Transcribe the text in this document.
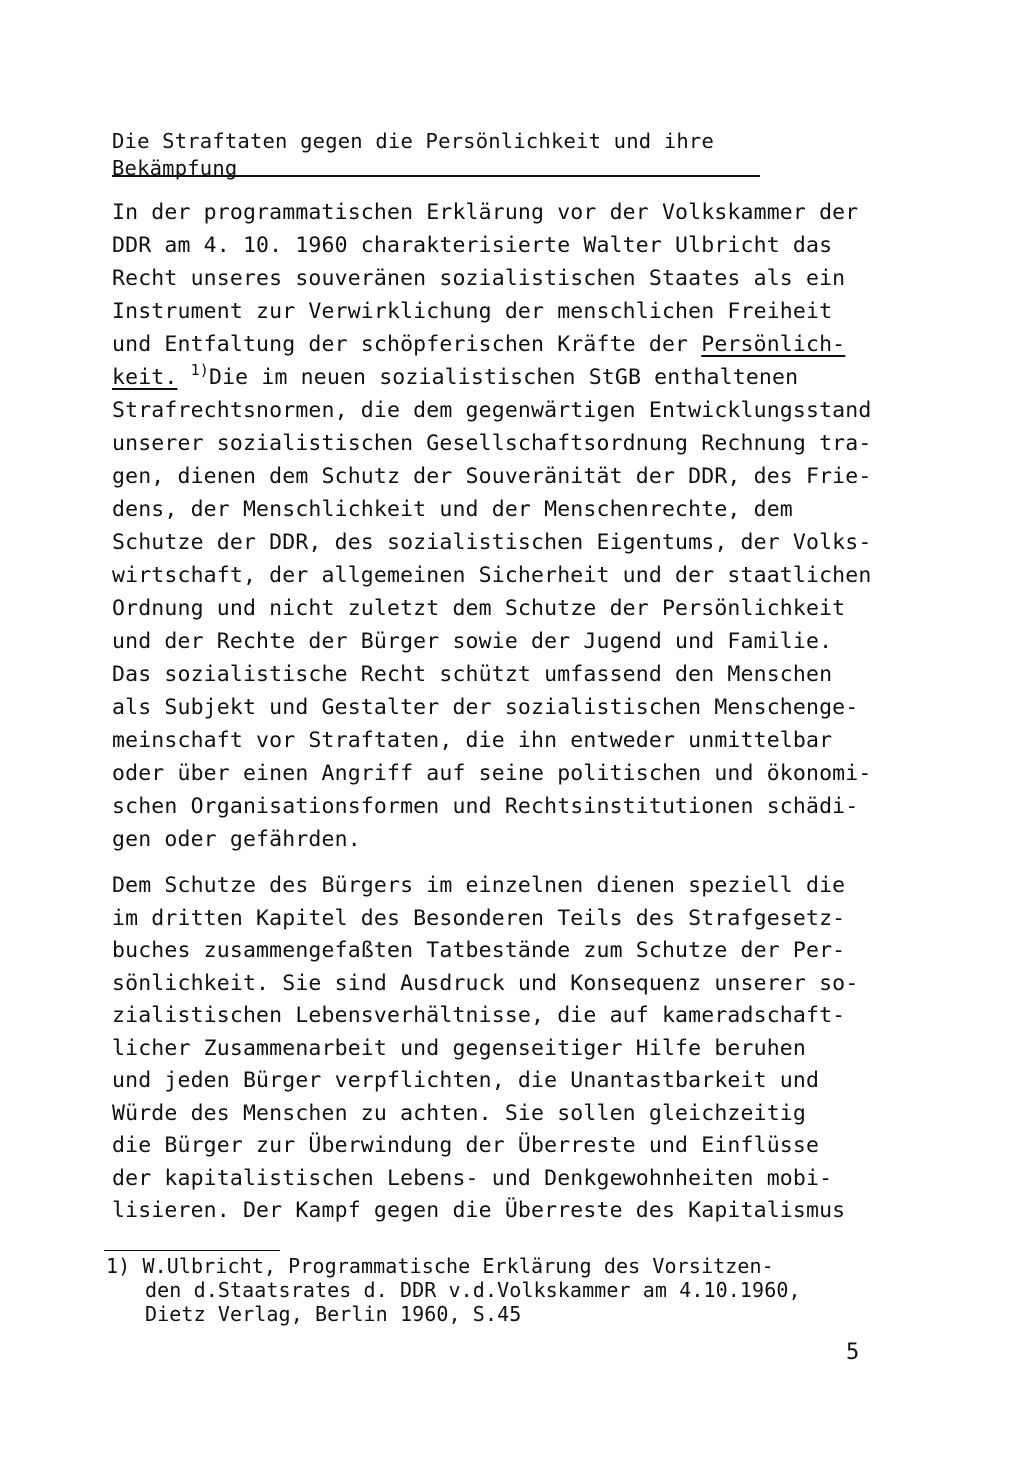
Die Straftaten gegen die Persönlichkeit und ihre
Bekämpfung
In der programmatischen Erklärung vor der Volkskammer der
DDR am 4. 10. 1960 charakterisierte Walter Ulbricht das
Recht unseres souveränen sozialistischen Staates als ein
Instrument zur Verwirklichung der menschlichen Freiheit
und Entfaltung der schöpferischen Kräfte der Persönlich-
keit. $^{1)}$Die im neuen sozialistischen StGB enthaltenen
Strafrechtsnormen, die dem gegenwärtigen Entwicklungsstand
unserer sozialistischen Gesellschaftsordnung Rechnung tra-
gen, dienen dem Schutz der Souveränität der DDR, des Frie-
dens, der Menschlichkeit und der Menschenrechte, dem
Schutze der DDR, des sozialistischen Eigentums, der Volks-
wirtschaft, der allgemeinen Sicherheit und der staatlichen
Ordnung und nicht zuletzt dem Schutze der Persönlichkeit
und der Rechte der Bürger sowie der Jugend und Familie.
Das sozialistische Recht schützt umfassend den Menschen
als Subjekt und Gestalter der sozialistischen Menschenge-
meinschaft vor Straftaten, die ihn entweder unmittelbar
oder über einen Angriff auf seine politischen und ökonomi-
schen Organisationsformen und Rechtsinstitutionen schädi-
gen oder gefährden.
Dem Schutze des Bürgers im einzelnen dienen speziell die
im dritten Kapitel des Besonderen Teils des Strafgesetz-
buches zusammengefaßten Tatbestände zum Schutze der Per-
sönlichkeit. Sie sind Ausdruck und Konsequenz unserer so-
zialistischen Lebensverhältnisse, die auf kameradschaft-
licher Zusammenarbeit und gegenseitiger Hilfe beruhen
und jeden Bürger verpflichten, die Unantastbarkeit und
Würde des Menschen zu achten. Sie sollen gleichzeitig
die Bürger zur Überwindung der Überreste und Einflüsse
der kapitalistischen Lebens- und Denkgewohnheiten mobi-
lisieren. Der Kampf gegen die Überreste des Kapitalismus
1) W.Ulbricht, Programmatische Erklärung des Vorsitzen-
den d.Staatsrates d. DDR v.d.Volkskammer am 4.10.1960,
Dietz Verlag, Berlin 1960, S.45
5
